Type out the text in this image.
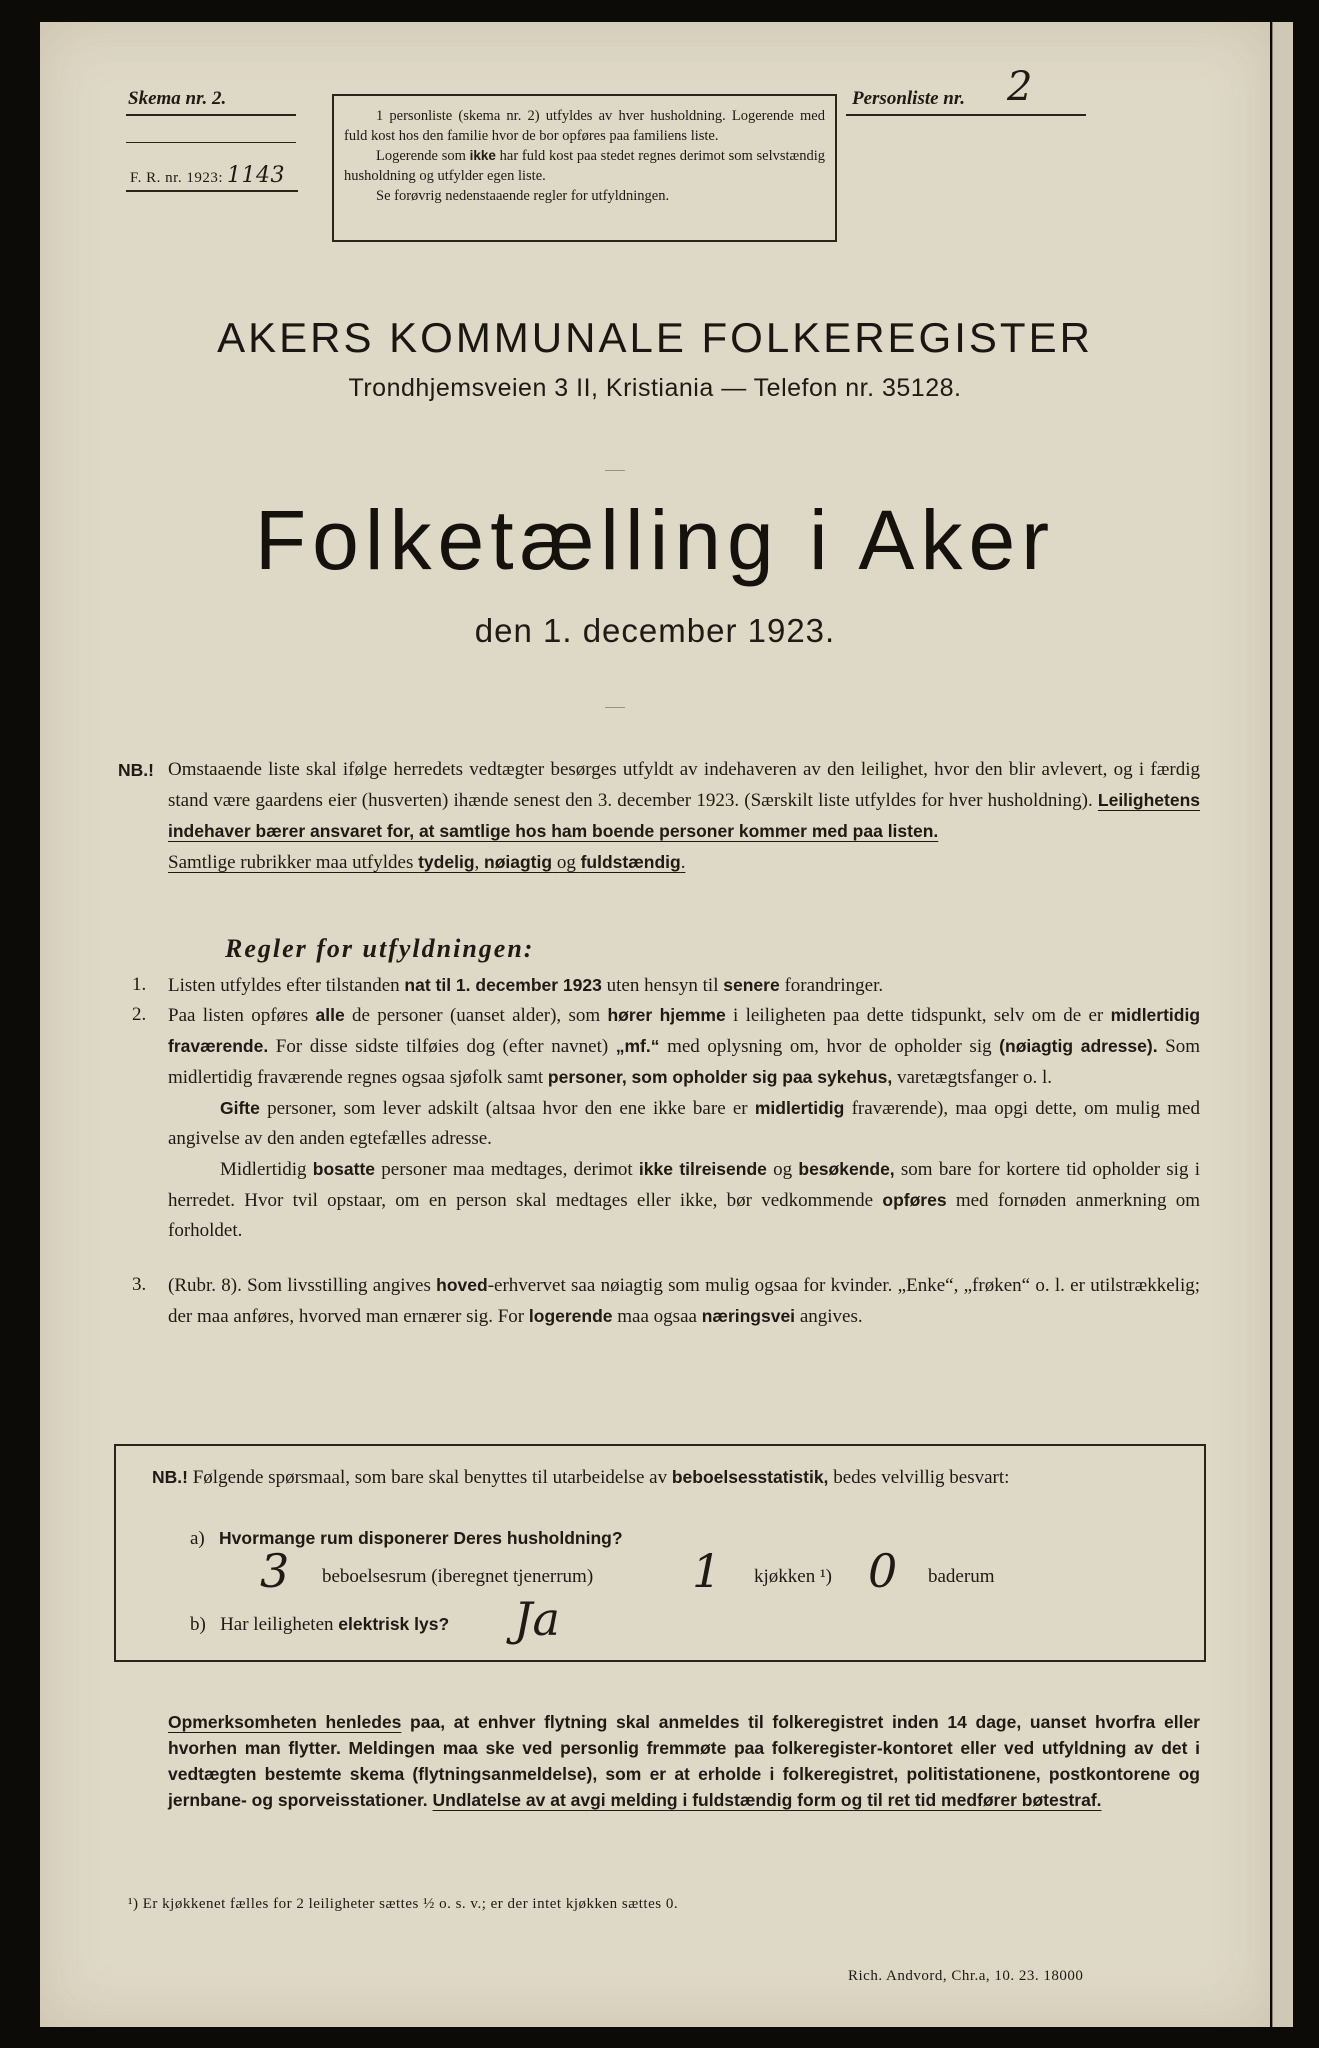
Skema nr. 2.
F. R. nr. 1923: 1143

1 personliste (skema nr. 2) utfyldes av hver husholdning. Logerende med fuld kost hos den familie hvor de bor opføres paa familiens liste.

Logerende som ikke har fuld kost paa stedet regnes derimot som selvstændig husholdning og utfylder egen liste.

Se forøvrig nedenstaaende regler for utfyldningen.

Personliste nr. 2
AKERS KOMMUNALE FOLKEREGISTER
Trondhjemsveien 3 II, Kristiania — Telefon nr. 35128.
Folketælling i Aker
den 1. december 1923.
NB.! Omstaaende liste skal ifølge herredets vedtægter besørges utfyldt av indehaveren av den leilighet, hvor den blir avlevert, og i færdig stand være gaardens eier (husverten) ihænde senest den 3. december 1923. (Særskilt liste utfyldes for hver husholdning). Leilighetens indehaver bærer ansvaret for, at samtlige hos ham boende personer kommer med paa listen.
Samtlige rubrikker maa utfyldes tydelig, nøiagtig og fuldstændig.
Regler for utfyldningen:
1. Listen utfyldes efter tilstanden nat til 1. december 1923 uten hensyn til senere forandringer.
2. Paa listen opføres alle de personer (uanset alder), som hører hjemme i leiligheten paa dette tidspunkt, selv om de er midlertidig fraværende. For disse sidste tilføies dog (efter navnet) „mf.“ med oplysning om, hvor de opholder sig (nøiagtig adresse). Som midlertidig fraværende regnes ogsaa sjøfolk samt personer, som opholder sig paa sykehus, varetægtsfanger o. l.
Gifte personer, som lever adskilt (altsaa hvor den ene ikke bare er midlertidig fraværende), maa opgi dette, om mulig med angivelse av den anden egtefælles adresse.
Midlertidig bosatte personer maa medtages, derimot ikke tilreisende og besøkende, som bare for kortere tid opholder sig i herredet. Hvor tvil opstaar, om en person skal medtages eller ikke, bør vedkommende opføres med fornøden anmerkning om forholdet.
3. (Rubr. 8). Som livsstilling angives hoved-erhvervet saa nøiagtig som mulig ogsaa for kvinder. „Enke“, „frøken“ o. l. er utilstrækkelig; der maa anføres, hvorved man ernærer sig. For logerende maa ogsaa næringsvei angives.
NB.! Følgende spørsmaal, som bare skal benyttes til utarbeidelse av beboelsesstatistik, bedes velvillig besvart:
a) Hvormange rum disponerer Deres husholdning?
3 beboelsesrum (iberegnet tjenerrum) 1 kjøkken ¹) 0 baderum
b) Har leiligheten elektrisk lys? Ja
Opmerksomheten henledes paa, at enhver flytning skal anmeldes til folkeregistret inden 14 dage, uanset hvorfra eller hvorhen man flytter. Meldingen maa ske ved personlig fremmøte paa folkeregister-kontoret eller ved utfyldning av det i vedtægten bestemte skema (flytningsanmeldelse), som er at erholde i folkeregistret, politistationene, postkontorene og jernbane- og sporveisstationer. Undlatelse av at avgi melding i fuldstændig form og til ret tid medfører bøtestraf.
¹) Er kjøkkenet fælles for 2 leiligheter sættes ½ o. s. v.; er der intet kjøkken sættes 0.
Rich. Andvord, Chr.a, 10. 23. 18000
